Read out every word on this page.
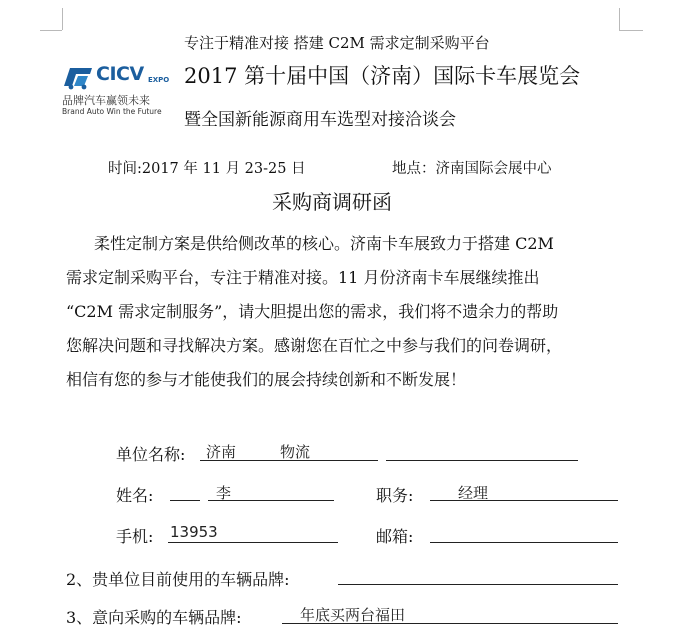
专注于精准对接 搭建 C2M 需求定制采购平台
CICV EXPO
品牌汽车赢领未来
Brand Auto Win the Future
2017 第十届中国（济南）国际卡车展览会
暨全国新能源商用车选型对接洽谈会
时间:2017 年 11 月 23-25 日	地点：济南国际会展中心
采购商调研函
柔性定制方案是供给侧改革的核心。济南卡车展致力于搭建 C2M
需求定制采购平台，专注于精准对接。11 月份济南卡车展继续推出
“C2M 需求定制服务”，请大胆提出您的需求，我们将不遗余力的帮助
您解决问题和寻找解决方案。感谢您在百忙之中参与我们的问卷调研，
相信有您的参与才能使我们的展会持续创新和不断发展！
单位名称: 济南	物流
姓名:	李	职务:	经理
手机: 13953	邮箱:
2、贵单位目前使用的车辆品牌:
3、意向采购的车辆品牌:	年底买两台福田
